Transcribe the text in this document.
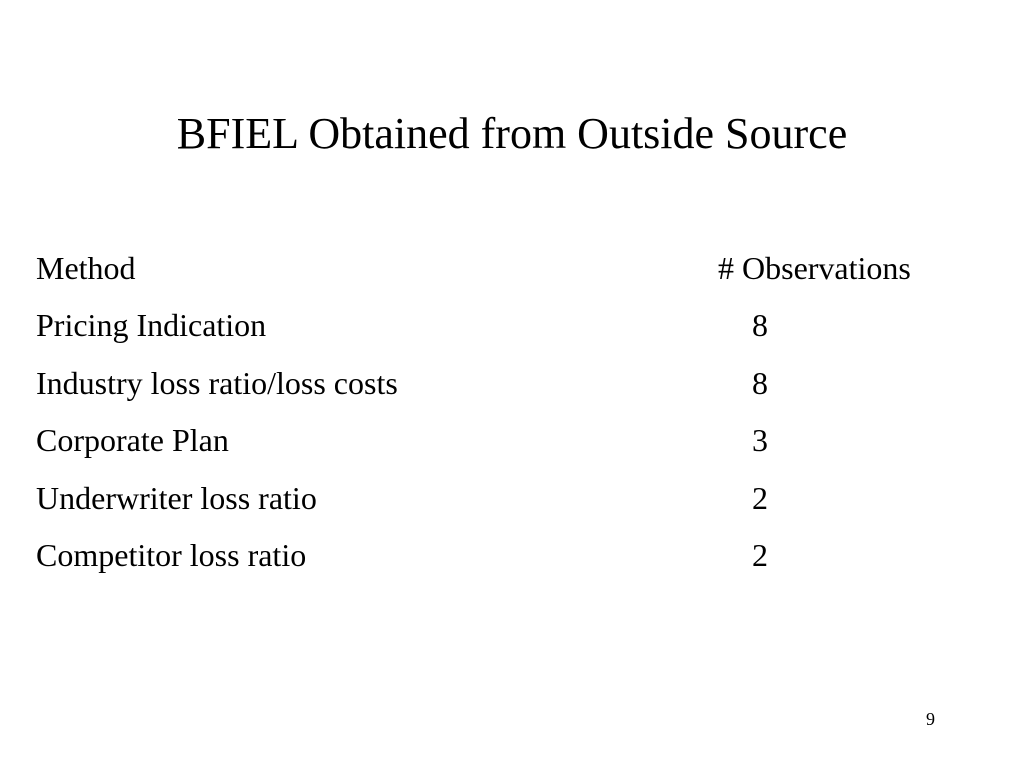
BFIEL Obtained from Outside Source
Method	# Observations
Pricing Indication	8
Industry loss ratio/loss costs	8
Corporate Plan	3
Underwriter loss ratio	2
Competitor loss ratio	2
9
